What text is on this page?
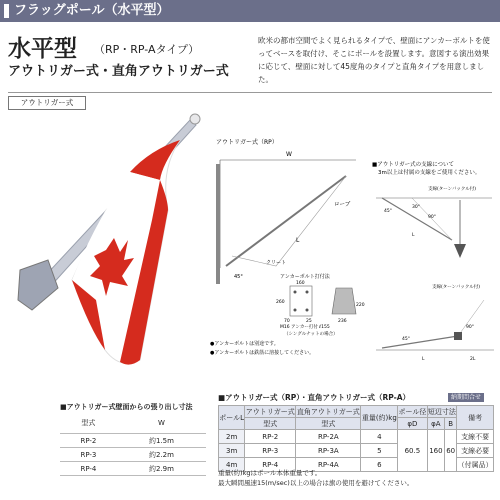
フラッグポール（水平型）
水平型 （RP・RP-Aタイプ）
アウトリガー式・直角アウトリガー式
欧米の都市空間でよく見られるタイプで、壁面にアンカーボルトを使ってベースを取付け、そこにポールを設置します。意図する演出効果に応じて、壁面に対して45度角のタイプと直角タイプを用意しました。
アウトリガー式
アウトリガー式（RP）
W
ロープ
L
クリート
45°	アンカーボルト打付法
160
260
70	25
220
236
M16 アンカー打付 ℓ155
（シングルナットの場合）
●アンカーボルトは別途です。
●アンカーボルトは鉄筋に溶接してください。
■アウトリガー式の支線について
3m以上は付属の支線をご使用ください。
支線(ターンバックル付)
45°
30°
90°
L
支線(ターンバックル付)
90°
45°
L	2L
■アウトリガー式壁面からの張り出し寸法
型式	W
RP-2	約1.5m
RP-3	約2.2m
RP-4	約2.9m
■アウトリガー式（RP）・直角アウトリガー式（RP-A）	納期問合せ
ポールL	アウトリガー式	直角アウトリガー式	重量(約)kg	ポール径	短辺寸法		備考
	型式	型式		φD	φA	B	
2m	RP-2	RP-2A	4	60.5	160	60	支線不要
3m	RP-3	RP-3A	5				支線必要
4m	RP-4	RP-4A	6				（付属品）
重量(約)kgはポール本体重量です。
最大瞬間風速15(m/sec)以上の場合は旗の使用を避けてください。
